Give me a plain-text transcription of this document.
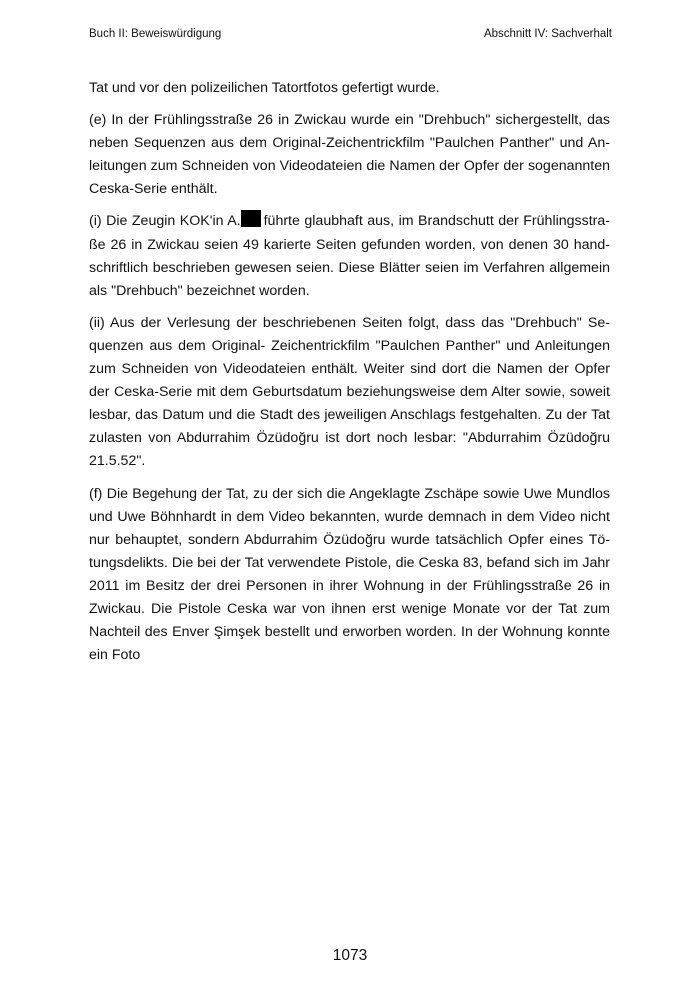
Buch II: Beweiswürdigung	Abschnitt IV: Sachverhalt

Tat und vor den polizeilichen Tatortfotos gefertigt wurde.

(e) In der Frühlingsstraße 26 in Zwickau wurde ein "Drehbuch" sichergestellt, das neben Sequenzen aus dem Original-Zeichentrickfilm "Paulchen Panther" und Anleitungen zum Schneiden von Videodateien die Namen der Opfer der sogenannten Ceska-Serie enthält.

(i) Die Zeugin KOK'in A. führte glaubhaft aus, im Brandschutt der Frühlingsstraße 26 in Zwickau seien 49 karierte Seiten gefunden worden, von denen 30 handschriftlich beschrieben gewesen seien. Diese Blätter seien im Verfahren allgemein als "Drehbuch" bezeichnet worden.

(ii) Aus der Verlesung der beschriebenen Seiten folgt, dass das "Drehbuch" Sequenzen aus dem Original- Zeichentrickfilm "Paulchen Panther" und Anleitungen zum Schneiden von Videodateien enthält. Weiter sind dort die Namen der Opfer der Ceska-Serie mit dem Geburtsdatum beziehungsweise dem Alter sowie, soweit lesbar, das Datum und die Stadt des jeweiligen Anschlags festgehalten. Zu der Tat zulasten von Abdurrahim Özüdoğru ist dort noch lesbar: "Abdurrahim Özüdoğru 21.5.52".

(f) Die Begehung der Tat, zu der sich die Angeklagte Zschäpe sowie Uwe Mundlos und Uwe Böhnhardt in dem Video bekannten, wurde demnach in dem Video nicht nur behauptet, sondern Abdurrahim Özüdoğru wurde tatsächlich Opfer eines Tötungsdelikts. Die bei der Tat verwendete Pistole, die Ceska 83, befand sich im Jahr 2011 im Besitz der drei Personen in ihrer Wohnung in der Frühlingsstraße 26 in Zwickau. Die Pistole Ceska war von ihnen erst wenige Monate vor der Tat zum Nachteil des Enver Şimşek bestellt und erworben worden. In der Wohnung konnte ein Foto

1073
